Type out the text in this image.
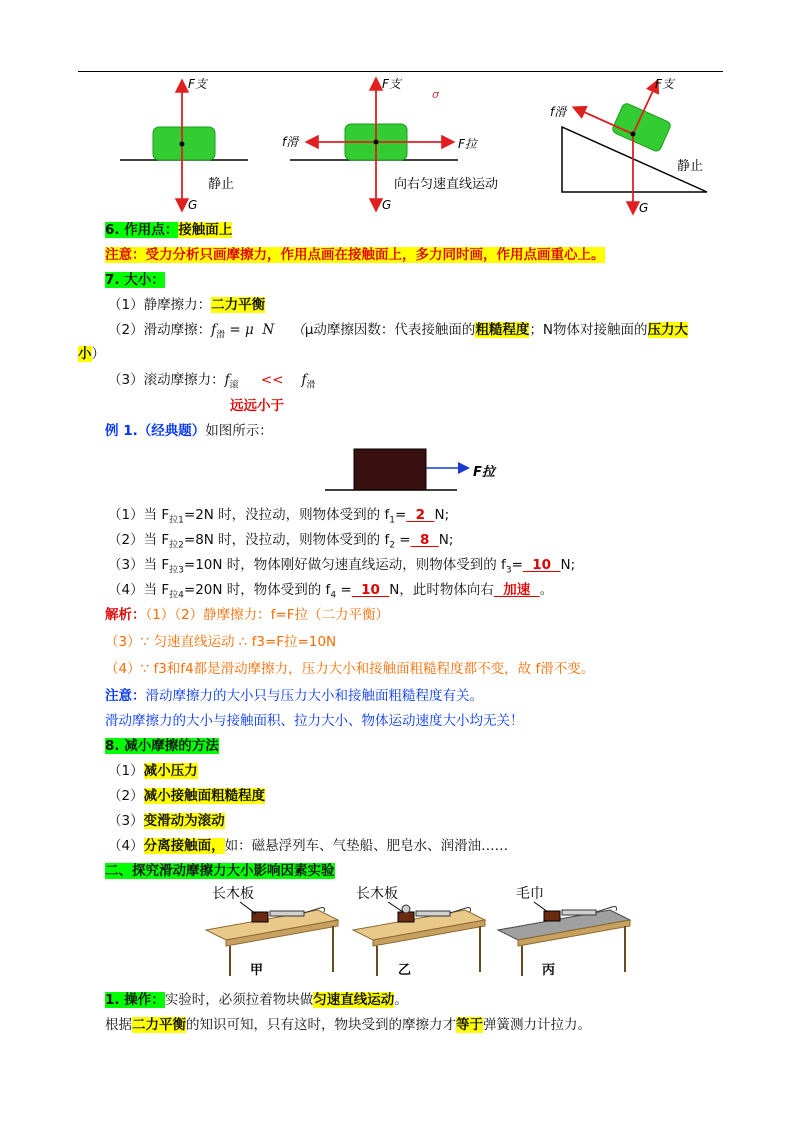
F支
G
静止
F支
σ
f滑	F拉
G
向右匀速直线运动
F支
f滑
静止
G
6. 作用点：接触面上
注意：受力分析只画摩擦力，作用点画在接触面上，多力同时画，作用点画重心上。
7. 大小：
（1）静摩擦力：二力平衡
（2）滑动摩擦：$f_滑 = \mu$  N    （μ动摩擦因数：代表接触面的粗糙程度；N物体对接触面的压力大
小）
（3）滚动摩擦力：$f_滚 << f_滑$
远远小于
例 1.（经典题）如图所示：
F拉
（1）当 $F_{拉1}=2N$ 时，没拉动，则物体受到的 $f_1= 2$  N;
（2）当 $F_{拉2}=8N$ 时，没拉动，则物体受到的 $f_2 = 8$  N;
（3）当 $F_{拉3}=10N$ 时，物体刚好做匀速直线运动，则物体受到的 $f_3= 10$  N;
（4）当 $F_{拉4}=20N$ 时，物体受到的 $f_4 = 10$  N，此时物体向右  加速  。
解析：（1）（2）静摩擦力：f=F拉（二力平衡）
（3）∵ 匀速直线运动 ∴ f3=F拉=10N
（4）∵ f3和f4都是滑动摩擦力，压力大小和接触面粗糙程度都不变，故 f滑不变。
注意：滑动摩擦力的大小只与压力大小和接触面粗糙程度有关。
滑动摩擦力的大小与接触面积、拉力大小、物体运动速度大小均无关！
8. 减小摩擦的方法
（1）减小压力
（2）减小接触面粗糙程度
（3）变滑动为滚动
（4）分离接触面，如：磁悬浮列车、气垫船、肥皂水、润滑油……
二、探究滑动摩擦力大小影响因素实验
长木板	长木板	毛巾
甲	乙	丙
1. 操作：实验时，必须拉着物块做匀速直线运动。
根据二力平衡的知识可知，只有这时，物块受到的摩擦力才等于弹簧测力计拉力。
